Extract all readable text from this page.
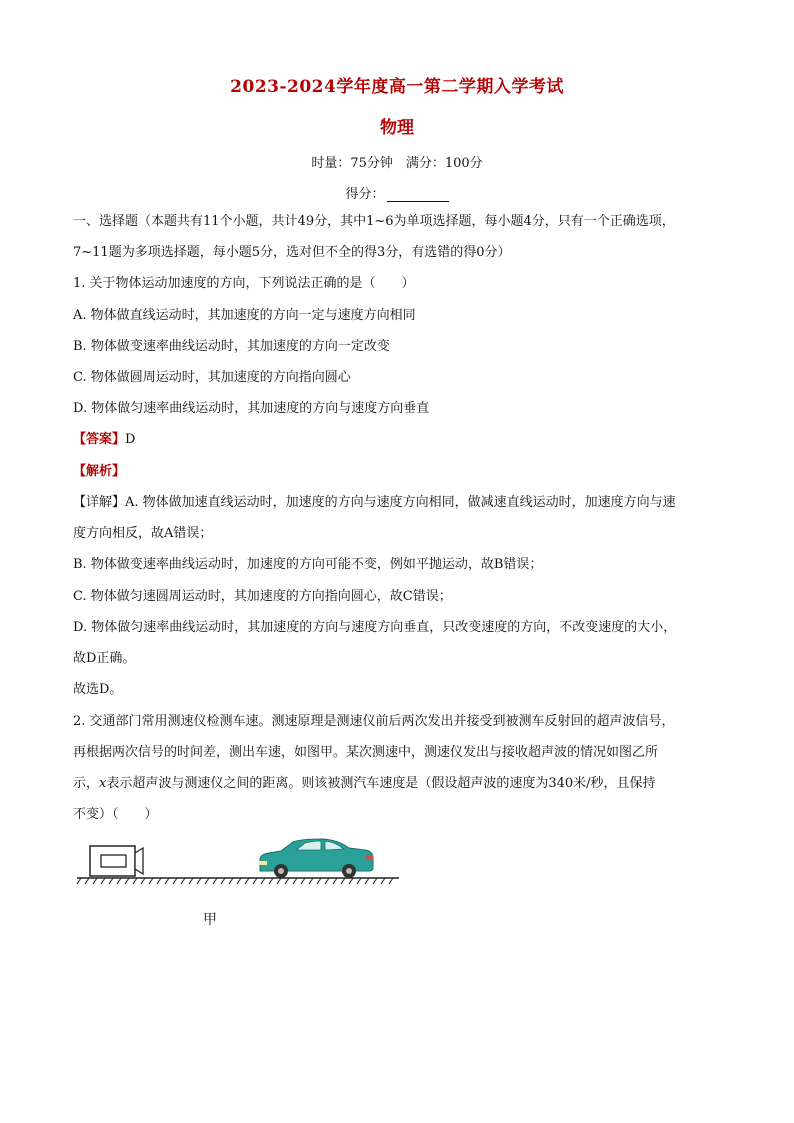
2023-2024学年度高一第二学期入学考试
物理
时量：75分钟　满分：100分
得分：
一、选择题（本题共有11个小题，共计49分，其中1~6为单项选择题，每小题4分，只有一个正确选项，
7~11题为多项选择题，每小题5分，选对但不全的得3分，有选错的得0分）
1. 关于物体运动加速度的方向，下列说法正确的是（　　）
A. 物体做直线运动时，其加速度的方向一定与速度方向相同
B. 物体做变速率曲线运动时，其加速度的方向一定改变
C. 物体做圆周运动时，其加速度的方向指向圆心
D. 物体做匀速率曲线运动时，其加速度的方向与速度方向垂直
【答案】D
【解析】
【详解】A. 物体做加速直线运动时，加速度的方向与速度方向相同，做减速直线运动时，加速度方向与速
度方向相反，故A错误；
B. 物体做变速率曲线运动时，加速度的方向可能不变，例如平抛运动，故B错误；
C. 物体做匀速圆周运动时，其加速度的方向指向圆心，故C错误；
D. 物体做匀速率曲线运动时，其加速度的方向与速度方向垂直，只改变速度的方向，不改变速度的大小，
故D正确。
故选D。
2. 交通部门常用测速仪检测车速。测速原理是测速仪前后两次发出并接受到被测车反射回的超声波信号，
再根据两次信号的时间差，测出车速，如图甲。某次测速中，测速仪发出与接收超声波的情况如图乙所
示，x表示超声波与测速仪之间的距离。则该被测汽车速度是（假设超声波的速度为340米/秒，且保持
不变）（　　）
甲
